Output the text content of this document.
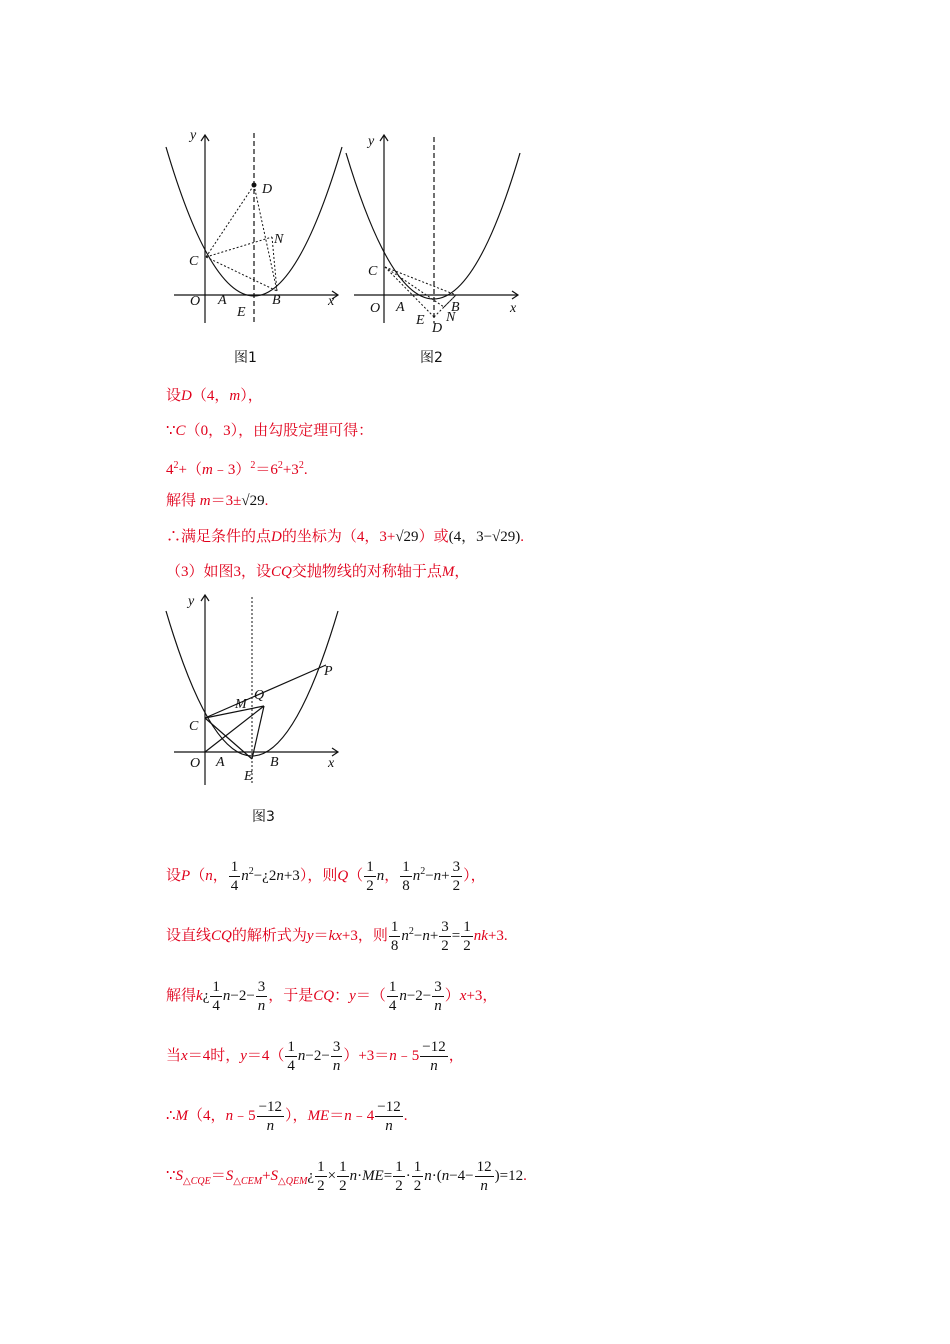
y
x
O A	B
C
D
N
E
图1
y
x
O A	B
C
D
N
E
图2
设D（4，m），
∵C（0，3），由勾股定理可得：
$4^2+(m﹣3)^2=6^2+3^2$.
解得 m＝3±√29.
∴满足条件的点D的坐标为（4，3+√29）或(4，3−√29).
（3）如图3，设CQ交抛物线的对称轴于点M，
y
x
O A	B
C
E
M
Q
P
图3
设P（n， $\frac{1}{4}$ $n^2-¿2n+3$），则$Q( \frac{1}{2}$ n， $\frac{1}{8} n^2-n+ \frac{3}{2}$ ），
设直线CQ的解析式为y＝kx+3，则 $\frac{1}{8} n^2-n+ \frac{3}{2} = \frac{1}{2} nk+3$.
解得k¿ $\frac{1}{4} n-2- \frac{3}{n}$ ，于是CQ：$y=( \frac{1}{4} n-2- \frac{3}{n} )x+3$，
当x＝4时，$y=4( \frac{1}{4} n-2- \frac{3}{n}$ ）+3＝n﹣5 $\frac{-12}{n}$ ，
∴M（4，n﹣5 $\frac{-12}{n}$ ），ME＝n﹣4 $\frac{-12}{n}$ .
$\because S_{\triangle CQE}=S_{\triangle CEM}+S_{\triangle QEM}¿ \frac{1}{2} \times \frac{1}{2} n\cdot ME= \frac{1}{2} \cdot \frac{1}{2} n\cdot(n-4- \frac{12}{n} )=12$.
